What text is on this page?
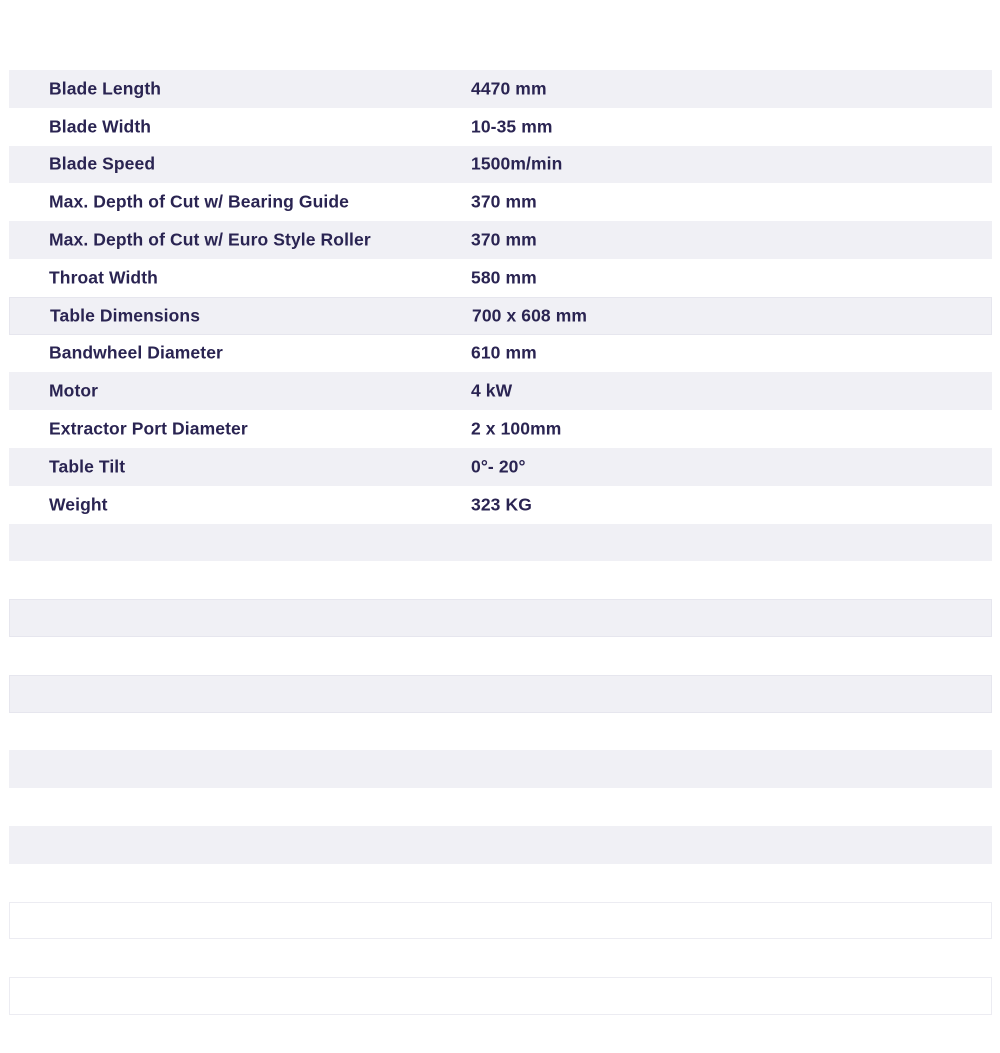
Blade Length	4470 mm
Blade Width	10-35 mm
Blade Speed	1500m/min
Max. Depth of Cut w/ Bearing Guide	370 mm
Max. Depth of Cut w/ Euro Style Roller	370 mm
Throat Width	580 mm
Table Dimensions	700 x 608 mm
Bandwheel Diameter	610 mm
Motor	4 kW
Extractor Port Diameter	2 x 100mm
Table Tilt	0°- 20°
Weight	323 KG
